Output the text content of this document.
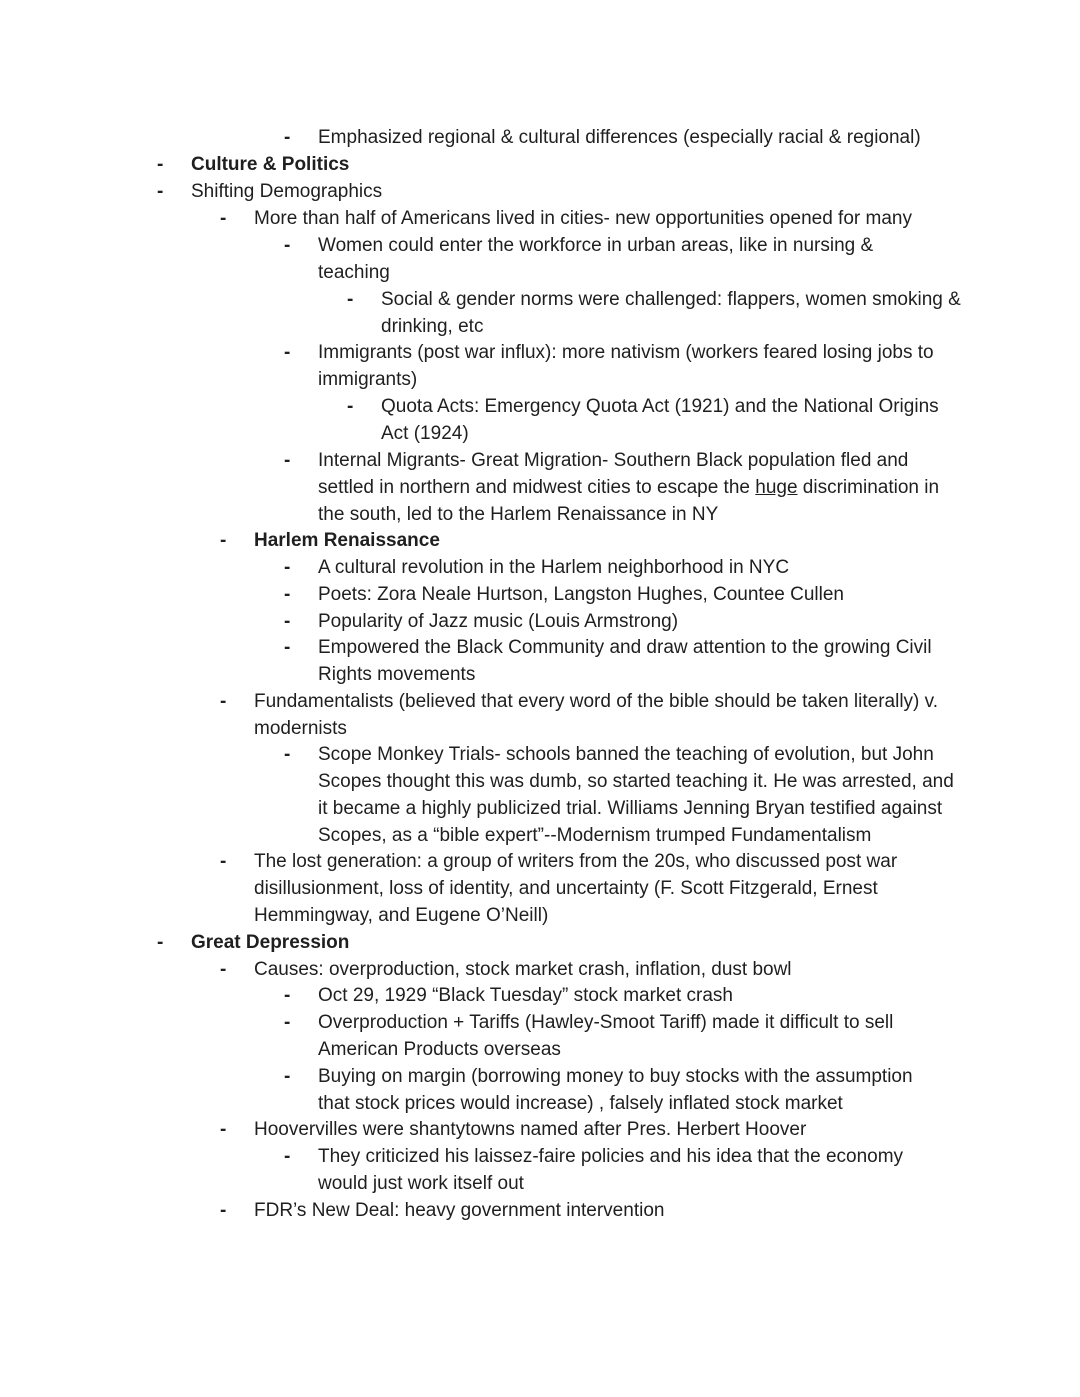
- Emphasized regional & cultural differences (especially racial & regional)
- Culture & Politics
- Shifting Demographics
- More than half of Americans lived in cities- new opportunities opened for many
- Women could enter the workforce in urban areas, like in nursing & teaching
- Social & gender norms were challenged: flappers, women smoking & drinking, etc
- Immigrants (post war influx): more nativism (workers feared losing jobs to immigrants)
- Quota Acts: Emergency Quota Act (1921) and the National Origins Act (1924)
- Internal Migrants- Great Migration- Southern Black population fled and settled in northern and midwest cities to escape the huge discrimination in the south, led to the Harlem Renaissance in NY
- Harlem Renaissance
- A cultural revolution in the Harlem neighborhood in NYC
- Poets: Zora Neale Hurtson, Langston Hughes, Countee Cullen
- Popularity of Jazz music (Louis Armstrong)
- Empowered the Black Community and draw attention to the growing Civil Rights movements
- Fundamentalists (believed that every word of the bible should be taken literally) v. modernists
- Scope Monkey Trials- schools banned the teaching of evolution, but John Scopes thought this was dumb, so started teaching it. He was arrested, and it became a highly publicized trial. Williams Jenning Bryan testified against Scopes, as a “bible expert”--Modernism trumped Fundamentalism
- The lost generation: a group of writers from the 20s, who discussed post war disillusionment, loss of identity, and uncertainty (F. Scott Fitzgerald, Ernest Hemmingway, and Eugene O’Neill)
- Great Depression
- Causes: overproduction, stock market crash, inflation, dust bowl
- Oct 29, 1929 “Black Tuesday” stock market crash
- Overproduction + Tariffs (Hawley-Smoot Tariff) made it difficult to sell American Products overseas
- Buying on margin (borrowing money to buy stocks with the assumption that stock prices would increase) , falsely inflated stock market
- Hoovervilles were shantytowns named after Pres. Herbert Hoover
- They criticized his laissez-faire policies and his idea that the economy would just work itself out
- FDR’s New Deal: heavy government intervention
